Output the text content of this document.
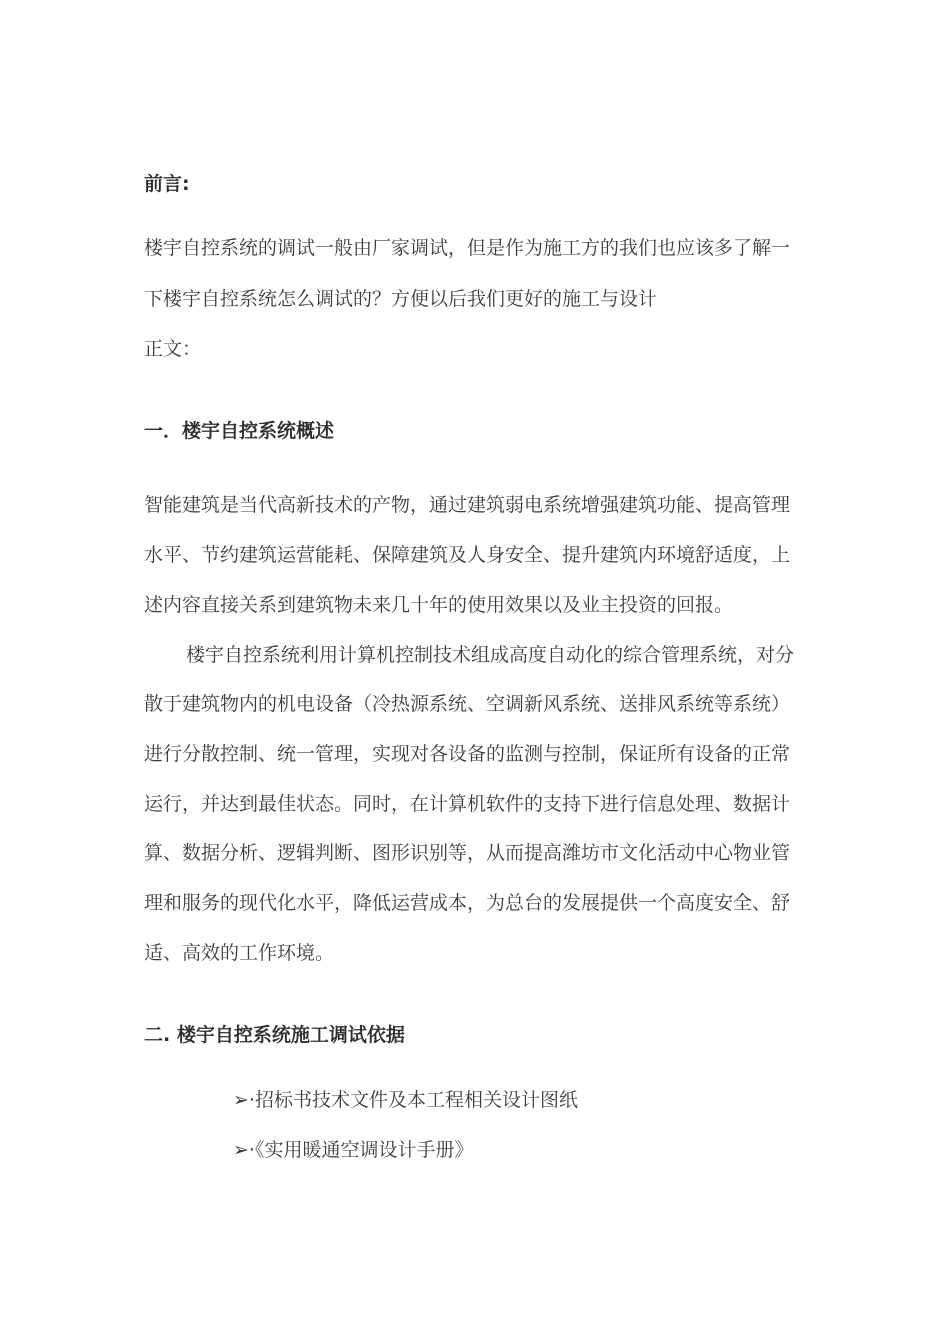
前言:
楼宇自控系统的调试一般由厂家调试，但是作为施工方的我们也应该多了解一
下楼宇自控系统怎么调试的？方便以后我们更好的施工与设计
正文：
一．楼宇自控系统概述
智能建筑是当代高新技术的产物，通过建筑弱电系统增强建筑功能、提高管理
水平、节约建筑运营能耗、保障建筑及人身安全、提升建筑内环境舒适度，上
述内容直接关系到建筑物未来几十年的使用效果以及业主投资的回报。
楼宇自控系统利用计算机控制技术组成高度自动化的综合管理系统，对分
散于建筑物内的机电设备（冷热源系统、空调新风系统、送排风系统等系统）
进行分散控制、统一管理，实现对各设备的监测与控制，保证所有设备的正常
运行，并达到最佳状态。同时，在计算机软件的支持下进行信息处理、数据计
算、数据分析、逻辑判断、图形识别等，从而提高潍坊市文化活动中心物业管
理和服务的现代化水平，降低运营成本，为总台的发展提供一个高度安全、舒
适、高效的工作环境。
二. 楼宇自控系统施工调试依据
➢·招标书技术文件及本工程相关设计图纸
➢·《实用暖通空调设计手册》
